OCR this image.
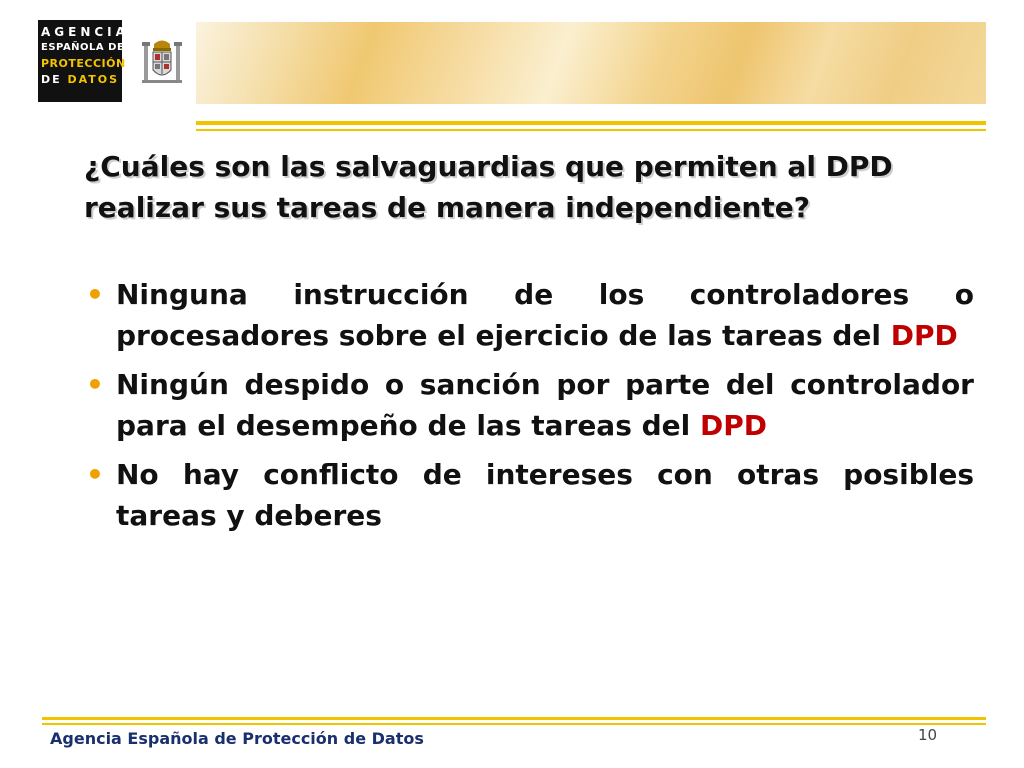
AGENCIA
ESPAÑOLA DE
PROTECCIÓN
DE DATOS
¿Cuáles son las salvaguardias que permiten al DPD realizar sus tareas de manera independiente?
• Ninguna instrucción de los controladores o procesadores sobre el ejercicio de las tareas del DPD
• Ningún despido o sanción por parte del controlador para el desempeño de las tareas del DPD
• No hay conflicto de intereses con otras posibles tareas y deberes
Agencia Española de Protección de Datos	10
